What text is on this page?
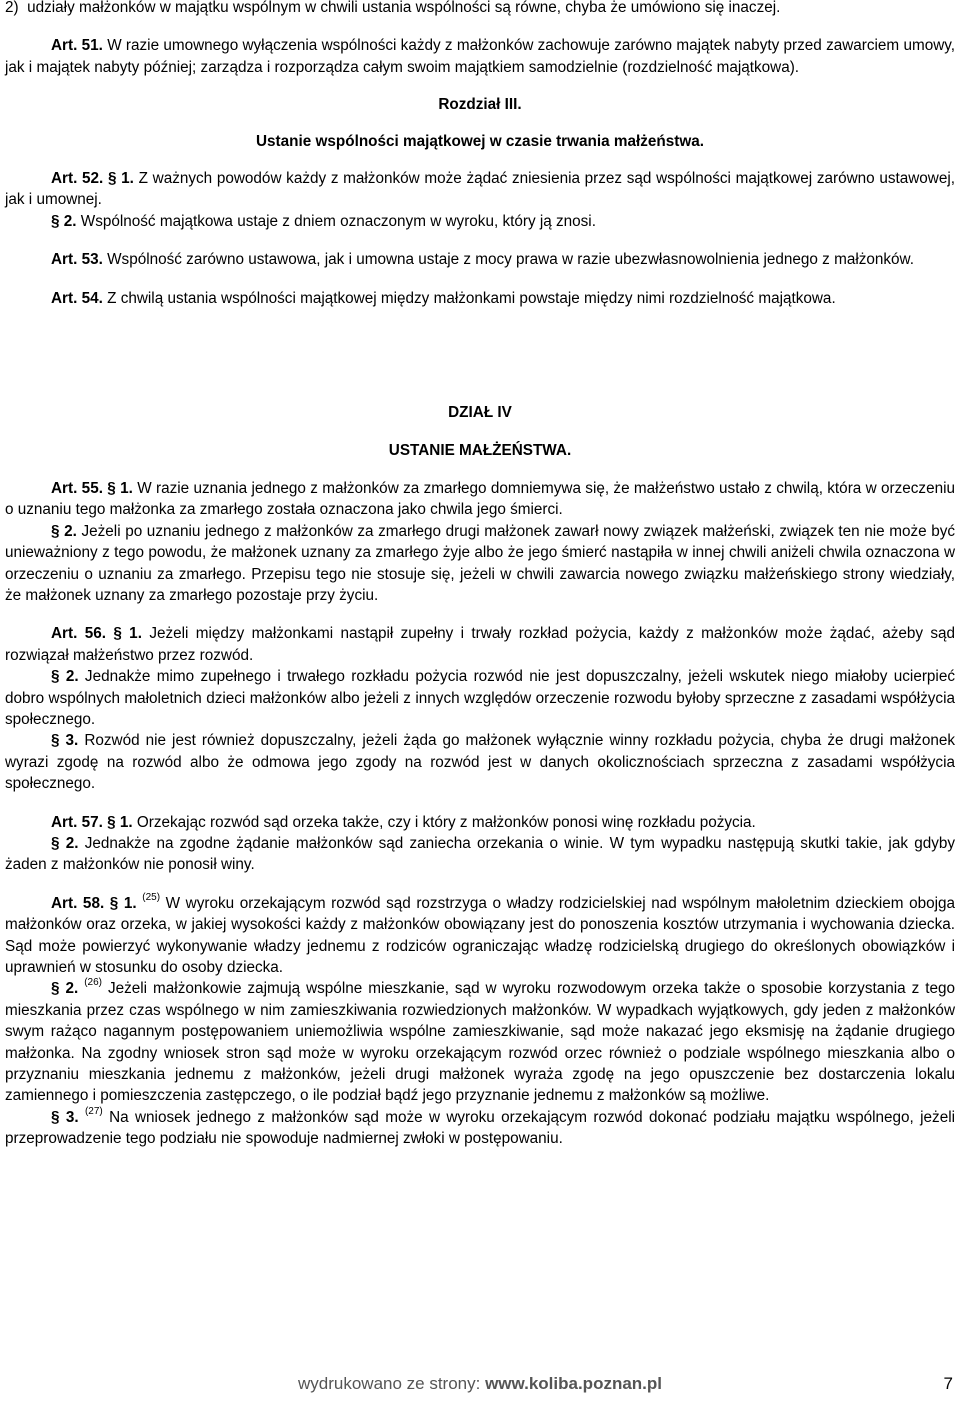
2) udziały małżonków w majątku wspólnym w chwili ustania wspólności są równe, chyba że umówiono się inaczej.

Art. 51. W razie umownego wyłączenia wspólności każdy z małżonków zachowuje zarówno majątek nabyty przed zawarciem umowy, jak i majątek nabyty później; zarządza i rozporządza całym swoim majątkiem samodzielnie (rozdzielność majątkowa).

Rozdział III.

Ustanie wspólności majątkowej w czasie trwania małżeństwa.

Art. 52. § 1. Z ważnych powodów każdy z małżonków może żądać zniesienia przez sąd wspólności majątkowej zarówno ustawowej, jak i umownej.

§ 2. Wspólność majątkowa ustaje z dniem oznaczonym w wyroku, który ją znosi.

Art. 53. Wspólność zarówno ustawowa, jak i umowna ustaje z mocy prawa w razie ubezwłasnowolnienia jednego z małżonków.

Art. 54. Z chwilą ustania wspólności majątkowej między małżonkami powstaje między nimi rozdzielność majątkowa.

DZIAŁ IV

USTANIE MAŁŻEŃSTWA.

Art. 55. § 1. W razie uznania jednego z małżonków za zmarłego domniemywa się, że małżeństwo ustało z chwilą, która w orzeczeniu o uznaniu tego małżonka za zmarłego została oznaczona jako chwila jego śmierci.

§ 2. Jeżeli po uznaniu jednego z małżonków za zmarłego drugi małżonek zawarł nowy związek małżeński, związek ten nie może być unieważniony z tego powodu, że małżonek uznany za zmarłego żyje albo że jego śmierć nastąpiła w innej chwili aniżeli chwila oznaczona w orzeczeniu o uznaniu za zmarłego. Przepisu tego nie stosuje się, jeżeli w chwili zawarcia nowego związku małżeńskiego strony wiedziały, że małżonek uznany za zmarłego pozostaje przy życiu.

Art. 56. § 1. Jeżeli między małżonkami nastąpił zupełny i trwały rozkład pożycia, każdy z małżonków może żądać, ażeby sąd rozwiązał małżeństwo przez rozwód.

§ 2. Jednakże mimo zupełnego i trwałego rozkładu pożycia rozwód nie jest dopuszczalny, jeżeli wskutek niego miałoby ucierpieć dobro wspólnych małoletnich dzieci małżonków albo jeżeli z innych względów orzeczenie rozwodu byłoby sprzeczne z zasadami współżycia społecznego.

§ 3. Rozwód nie jest również dopuszczalny, jeżeli żąda go małżonek wyłącznie winny rozkładu pożycia, chyba że drugi małżonek wyrazi zgodę na rozwód albo że odmowa jego zgody na rozwód jest w danych okolicznościach sprzeczna z zasadami współżycia społecznego.

Art. 57. § 1. Orzekając rozwód sąd orzeka także, czy i który z małżonków ponosi winę rozkładu pożycia.

§ 2. Jednakże na zgodne żądanie małżonków sąd zaniecha orzekania o winie. W tym wypadku następują skutki takie, jak gdyby żaden z małżonków nie ponosił winy.

Art. 58. § 1. $^{(25)}$ W wyroku orzekającym rozwód sąd rozstrzyga o władzy rodzicielskiej nad wspólnym małoletnim dzieckiem obojga małżonków oraz orzeka, w jakiej wysokości każdy z małżonków obowiązany jest do ponoszenia kosztów utrzymania i wychowania dziecka. Sąd może powierzyć wykonywanie władzy jednemu z rodziców ograniczając władzę rodzicielską drugiego do określonych obowiązków i uprawnień w stosunku do osoby dziecka.

§ 2. $^{(26)}$ Jeżeli małżonkowie zajmują wspólne mieszkanie, sąd w wyroku rozwodowym orzeka także o sposobie korzystania z tego mieszkania przez czas wspólnego w nim zamieszkiwania rozwiedzionych małżonków. W wypadkach wyjątkowych, gdy jeden z małżonków swym rażąco nagannym postępowaniem uniemożliwia wspólne zamieszkiwanie, sąd może nakazać jego eksmisję na żądanie drugiego małżonka. Na zgodny wniosek stron sąd może w wyroku orzekającym rozwód orzec również o podziale wspólnego mieszkania albo o przyznaniu mieszkania jednemu z małżonków, jeżeli drugi małżonek wyraża zgodę na jego opuszczenie bez dostarczenia lokalu zamiennego i pomieszczenia zastępczego, o ile podział bądź jego przyznanie jednemu z małżonków są możliwe.

§ 3. $^{(27)}$ Na wniosek jednego z małżonków sąd może w wyroku orzekającym rozwód dokonać podziału majątku wspólnego, jeżeli przeprowadzenie tego podziału nie spowoduje nadmiernej zwłoki w postępowaniu.

wydrukowano ze strony: www.koliba.poznan.pl	7
